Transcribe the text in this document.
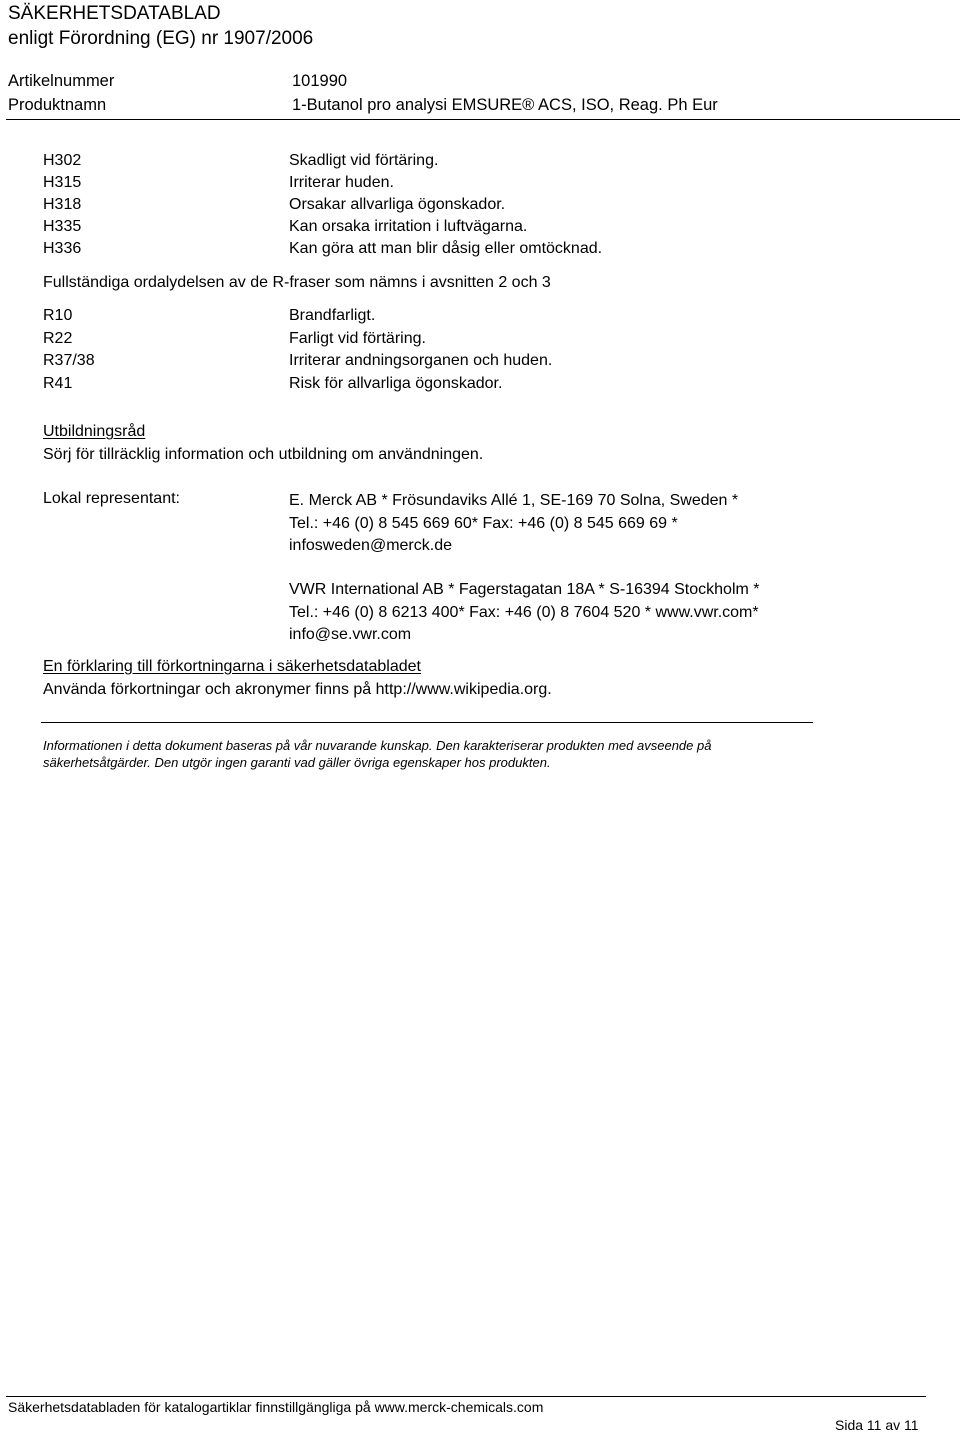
SÄKERHETSDATABLAD
enligt Förordning (EG) nr 1907/2006
Artikelnummer	101990
Produktnamn	1-Butanol pro analysi EMSURE® ACS, ISO, Reag. Ph Eur
H302	Skadligt vid förtäring.
H315	Irriterar huden.
H318	Orsakar allvarliga ögonskador.
H335	Kan orsaka irritation i luftvägarna.
H336	Kan göra att man blir dåsig eller omtöcknad.
Fullständiga ordalydelsen av de R-fraser som nämns i avsnitten 2 och 3
R10	Brandfarligt.
R22	Farligt vid förtäring.
R37/38	Irriterar andningsorganen och huden.
R41	Risk för allvarliga ögonskador.
Utbildningsråd
Sörj för tillräcklig information och utbildning om användningen.
Lokal representant:	E. Merck AB * Frösundaviks Allé 1, SE-169 70 Solna, Sweden *
Tel.: +46 (0) 8 545 669 60* Fax: +46 (0) 8 545 669 69 *
infosweden@merck.de
VWR International AB * Fagerstagatan 18A * S-16394 Stockholm *
Tel.: +46 (0) 8 6213 400* Fax: +46 (0) 8 7604 520 * www.vwr.com*
info@se.vwr.com
En förklaring till förkortningarna i säkerhetsdatabladet
Använda förkortningar och akronymer finns på http://www.wikipedia.org.
Informationen i detta dokument baseras på vår nuvarande kunskap. Den karakteriserar produkten med avseende på
säkerhetsåtgärder. Den utgör ingen garanti vad gäller övriga egenskaper hos produkten.
Säkerhetsdatabladen för katalogartiklar finnstillgängliga på www.merck-chemicals.com
Sida 11 av 11
